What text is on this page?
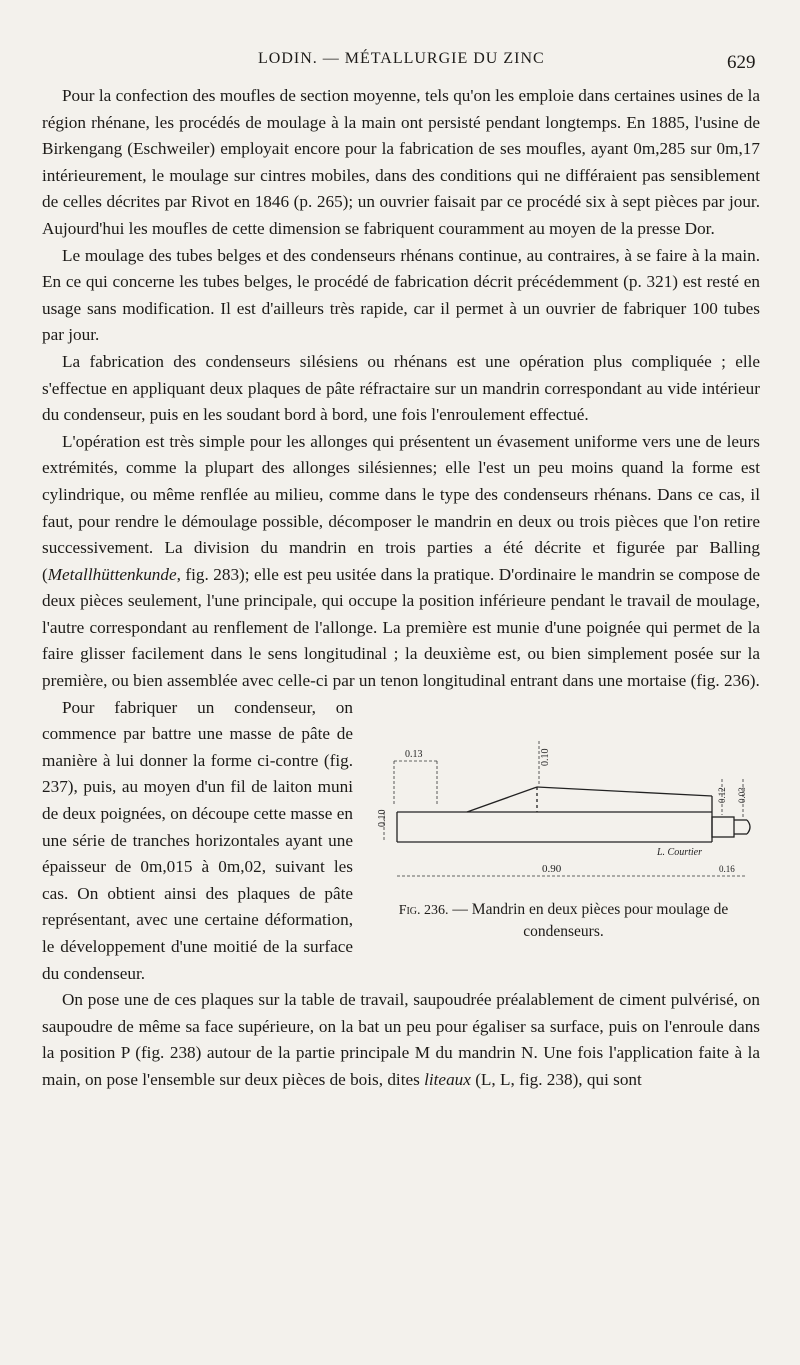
LODIN. — MÉTALLURGIE DU ZINC	629

Pour la confection des moufles de section moyenne, tels qu'on les emploie dans certaines usines de la région rhénane, les procédés de moulage à la main ont persisté pendant longtemps. En 1885, l'usine de Birkengang (Eschweiler) employait encore pour la fabrication de ses moufles, ayant 0m,285 sur 0m,17 intérieurement, le moulage sur cintres mobiles, dans des conditions qui ne différaient pas sensiblement de celles décrites par Rivot en 1846 (p. 265); un ouvrier faisait par ce procédé six à sept pièces par jour. Aujourd'hui les moufles de cette dimension se fabriquent couramment au moyen de la presse Dor.

Le moulage des tubes belges et des condenseurs rhénans continue, au contraires, à se faire à la main. En ce qui concerne les tubes belges, le procédé de fabrication décrit précédemment (p. 321) est resté en usage sans modification. Il est d'ailleurs très rapide, car il permet à un ouvrier de fabriquer 100 tubes par jour.

La fabrication des condenseurs silésiens ou rhénans est une opération plus compliquée ; elle s'effectue en appliquant deux plaques de pâte réfractaire sur un mandrin correspondant au vide intérieur du condenseur, puis en les soudant bord à bord, une fois l'enroulement effectué.

L'opération est très simple pour les allonges qui présentent un évasement uniforme vers une de leurs extrémités, comme la plupart des allonges silésiennes; elle l'est un peu moins quand la forme est cylindrique, ou même renflée au milieu, comme dans le type des condenseurs rhénans. Dans ce cas, il faut, pour rendre le démoulage possible, décomposer le mandrin en deux ou trois pièces que l'on retire successivement. La division du mandrin en trois parties a été décrite et figurée par Balling (Metallhüttenkunde, fig. 283); elle est peu usitée dans la pratique. D'ordinaire le mandrin se compose de deux pièces seulement, l'une principale, qui occupe la position inférieure pendant le travail de moulage, l'autre correspondant au renflement de l'allonge. La première est munie d'une poignée qui permet de la faire glisser facilement dans le sens longitudinal ; la deuxième est, ou bien simplement posée sur la première, ou bien assemblée avec celle-ci par un tenon longitudinal entrant dans une mortaise (fig. 236).

0.13
0.10
0.10
0.12 0.03
0.90	0.16
L. Courtier
Fig. 236. — Mandrin en deux pièces pour moulage de condenseurs.

Pour fabriquer un condenseur, on commence par battre une masse de pâte de manière à lui donner la forme ci-contre (fig. 237), puis, au moyen d'un fil de laiton muni de deux poignées, on découpe cette masse en une série de tranches horizontales ayant une épaisseur de 0m,015 à 0m,02, suivant les cas. On obtient ainsi des plaques de pâte représentant, avec une certaine déformation, le développement d'une moitié de la surface du condenseur.

On pose une de ces plaques sur la table de travail, saupoudrée préalablement de ciment pulvérisé, on saupoudre de même sa face supérieure, on la bat un peu pour égaliser sa surface, puis on l'enroule dans la position P (fig. 238) autour de la partie principale M du mandrin N. Une fois l'application faite à la main, on pose l'ensemble sur deux pièces de bois, dites liteaux (L, L, fig. 238), qui sont
